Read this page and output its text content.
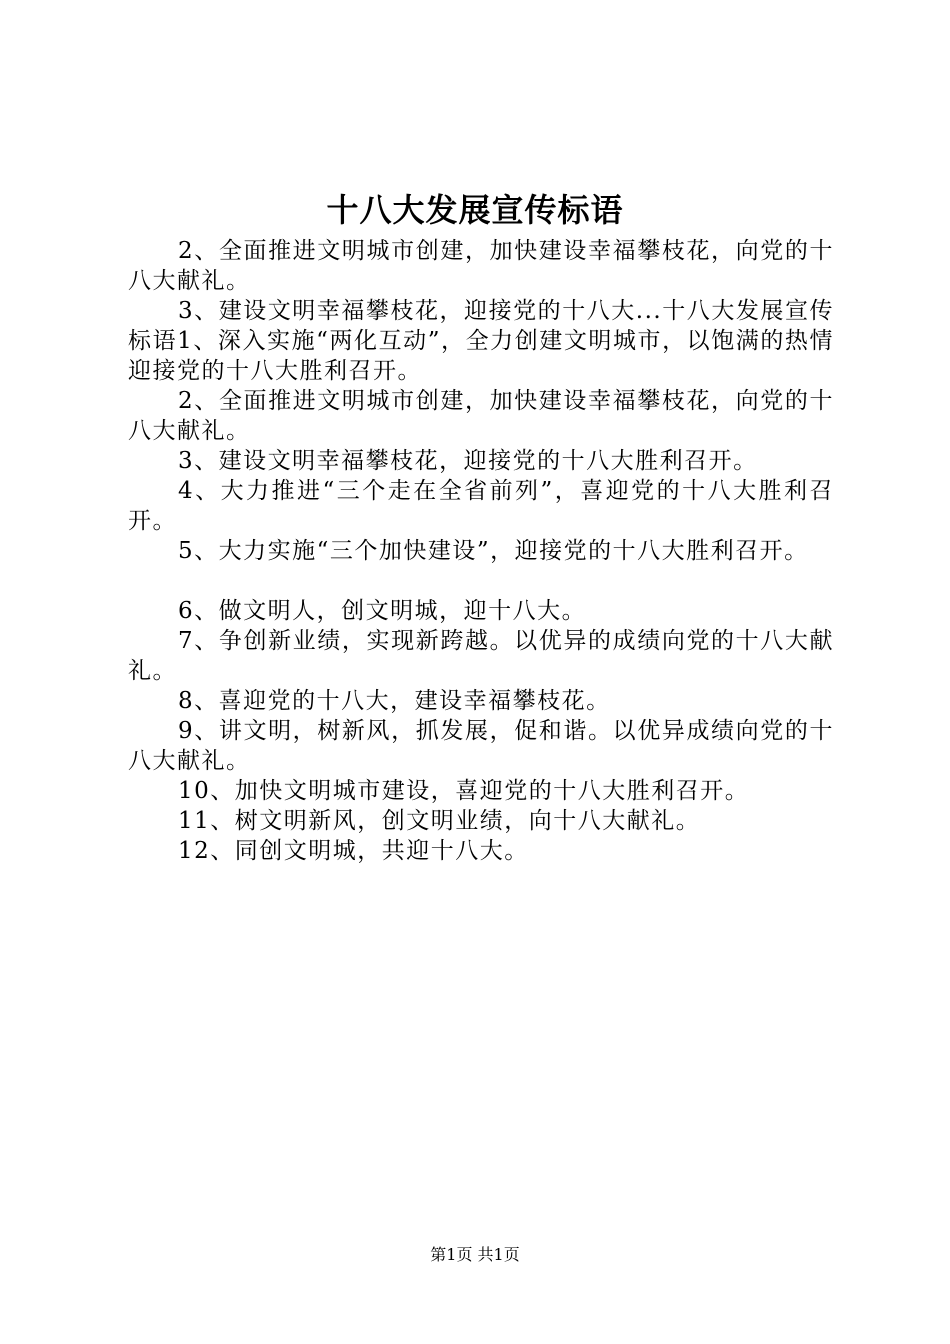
十八大发展宣传标语

2、全面推进文明城市创建，加快建设幸福攀枝花，向党的十八大献礼。

3、建设文明幸福攀枝花，迎接党的十八大...十八大发展宣传标语1、深入实施“两化互动”，全力创建文明城市，以饱满的热情迎接党的十八大胜利召开。

2、全面推进文明城市创建，加快建设幸福攀枝花，向党的十八大献礼。

3、建设文明幸福攀枝花，迎接党的十八大胜利召开。

4、大力推进“三个走在全省前列”，喜迎党的十八大胜利召开。

5、大力实施“三个加快建设”，迎接党的十八大胜利召开。

6、做文明人，创文明城，迎十八大。

7、争创新业绩，实现新跨越。以优异的成绩向党的十八大献礼。

8、喜迎党的十八大，建设幸福攀枝花。

9、讲文明，树新风，抓发展，促和谐。以优异成绩向党的十八大献礼。

10、加快文明城市建设，喜迎党的十八大胜利召开。

11、树文明新风，创文明业绩，向十八大献礼。

12、同创文明城，共迎十八大。

第1页 共1页
